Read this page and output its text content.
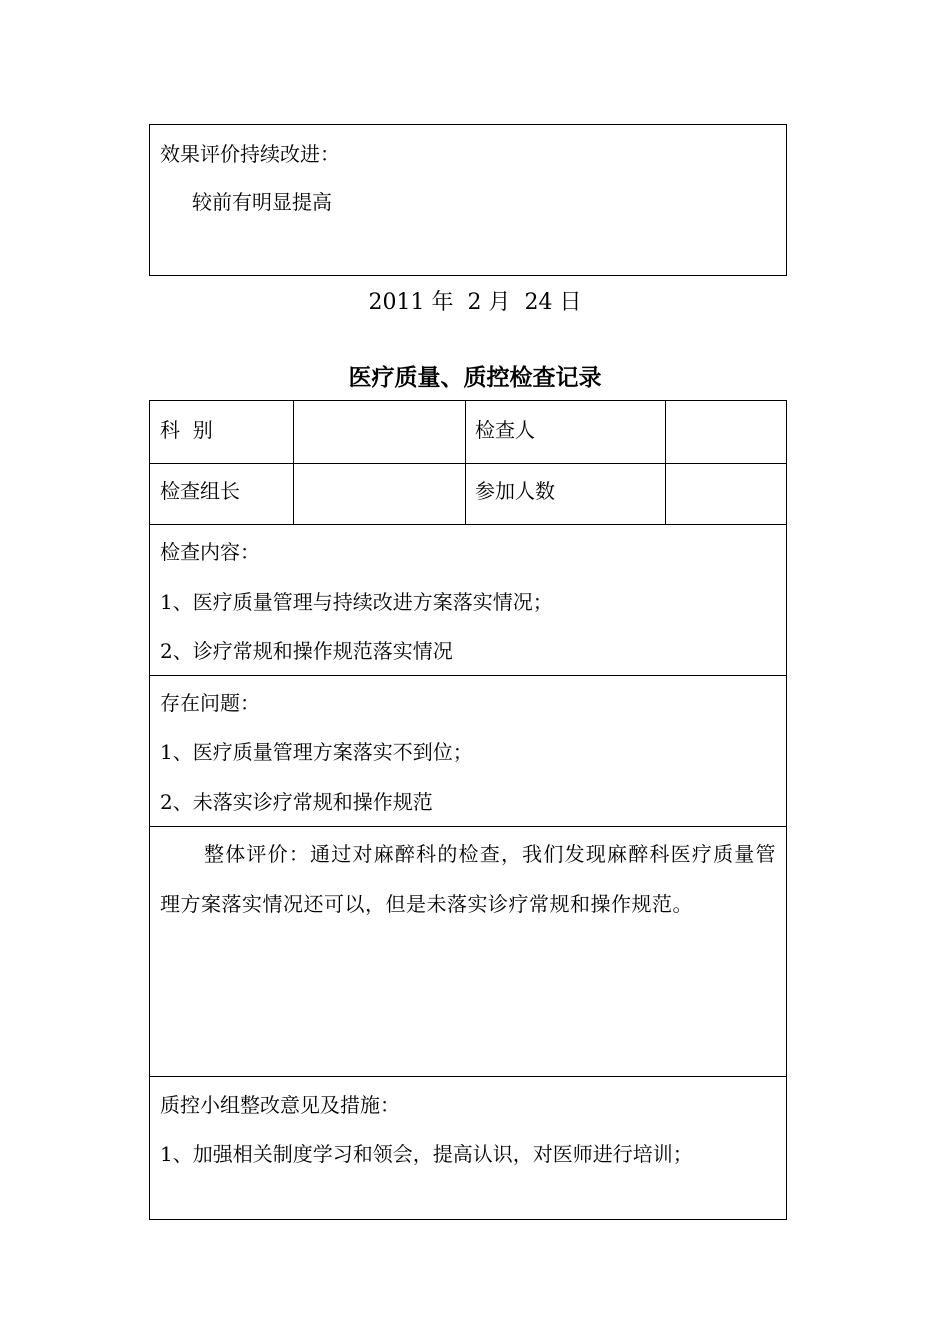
效果评价持续改进：
较前有明显提高
2011 年  2 月  24 日
医疗质量、质控检查记录
科  别	检查人
检查组长	参加人数
检查内容：
1、医疗质量管理与持续改进方案落实情况；
2、诊疗常规和操作规范落实情况
存在问题：
1、医疗质量管理方案落实不到位；
2、未落实诊疗常规和操作规范
整体评价：通过对麻醉科的检查，我们发现麻醉科医疗质量管理方案落实情况还可以，但是未落实诊疗常规和操作规范。
质控小组整改意见及措施：
1、加强相关制度学习和领会，提高认识，对医师进行培训；
